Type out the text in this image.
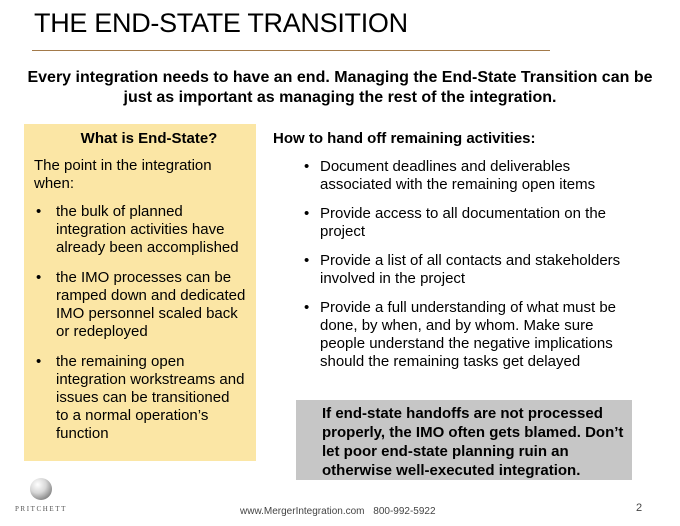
THE END-STATE TRANSITION

Every integration needs to have an end. Managing the End-State Transition can be just as important as managing the rest of the integration.

What is End-State?

The point in the integration when:

• the bulk of planned integration activities have already been accomplished
• the IMO processes can be ramped down and dedicated IMO personnel scaled back or redeployed
• the remaining open integration workstreams and issues can be transitioned to a normal operation’s function

How to hand off remaining activities:

• Document deadlines and deliverables associated with the remaining open items
• Provide access to all documentation on the project
• Provide a list of all contacts and stakeholders involved in the project
• Provide a full understanding of what must be done, by when, and by whom. Make sure people understand the negative implications should the remaining tasks get delayed
If end-state handoffs are not processed properly, the IMO often gets blamed. Don’t let poor end-state planning ruin an otherwise well-executed integration.
PRITCHETT	www.MergerIntegration.com 800-992-5922	2
